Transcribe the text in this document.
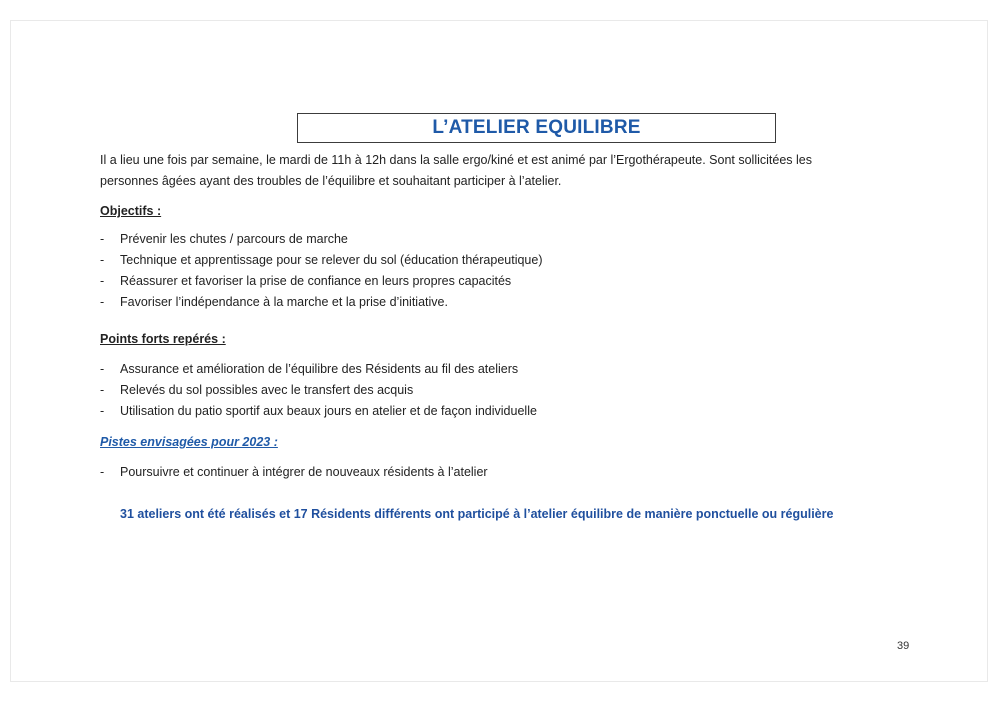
L’ATELIER EQUILIBRE

Il a lieu une fois par semaine, le mardi de 11h à 12h dans la salle ergo/kiné et est animé par l’Ergothérapeute. Sont sollicitées les personnes âgées ayant des troubles de l’équilibre et souhaitant participer à l’atelier.

Objectifs :

-	Prévenir les chutes / parcours de marche
-	Technique et apprentissage pour se relever du sol (éducation thérapeutique)
-	Réassurer et favoriser la prise de confiance en leurs propres capacités
-	Favoriser l’indépendance à la marche et la prise d’initiative.

Points forts repérés :

-	Assurance et amélioration de l’équilibre des Résidents au fil des ateliers
-	Relevés du sol possibles avec le transfert des acquis
-	Utilisation du patio sportif aux beaux jours en atelier et de façon individuelle

Pistes envisagées pour 2023 :

-	Poursuivre et continuer à intégrer de nouveaux résidents à l’atelier

31 ateliers ont été réalisés et 17 Résidents différents ont participé à l’atelier équilibre de manière ponctuelle ou régulière

39
